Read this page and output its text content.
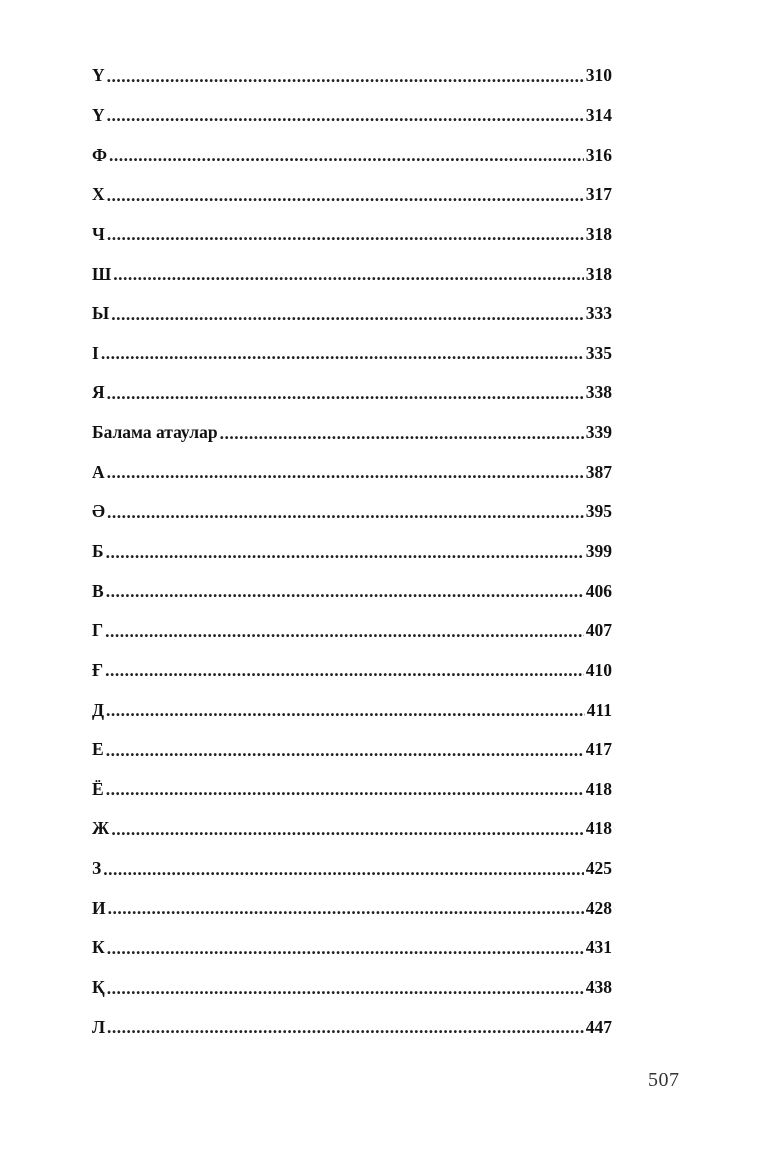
Ү .....	310
Y .....	314
Ф .....	316
Х .....	317
Ч .....	318
Ш .....	318
Ы .....	333
І .....	335
Я .....	338
Балама атаулар .....	339
А .....	387
Ә .....	395
Б .....	399
В .....	406
Г .....	407
Ғ .....	410
Д .....	411
Е .....	417
Ё .....	418
Ж .....	418
З .....	425
И .....	428
К .....	431
Қ .....	438
Л .....	447
507
